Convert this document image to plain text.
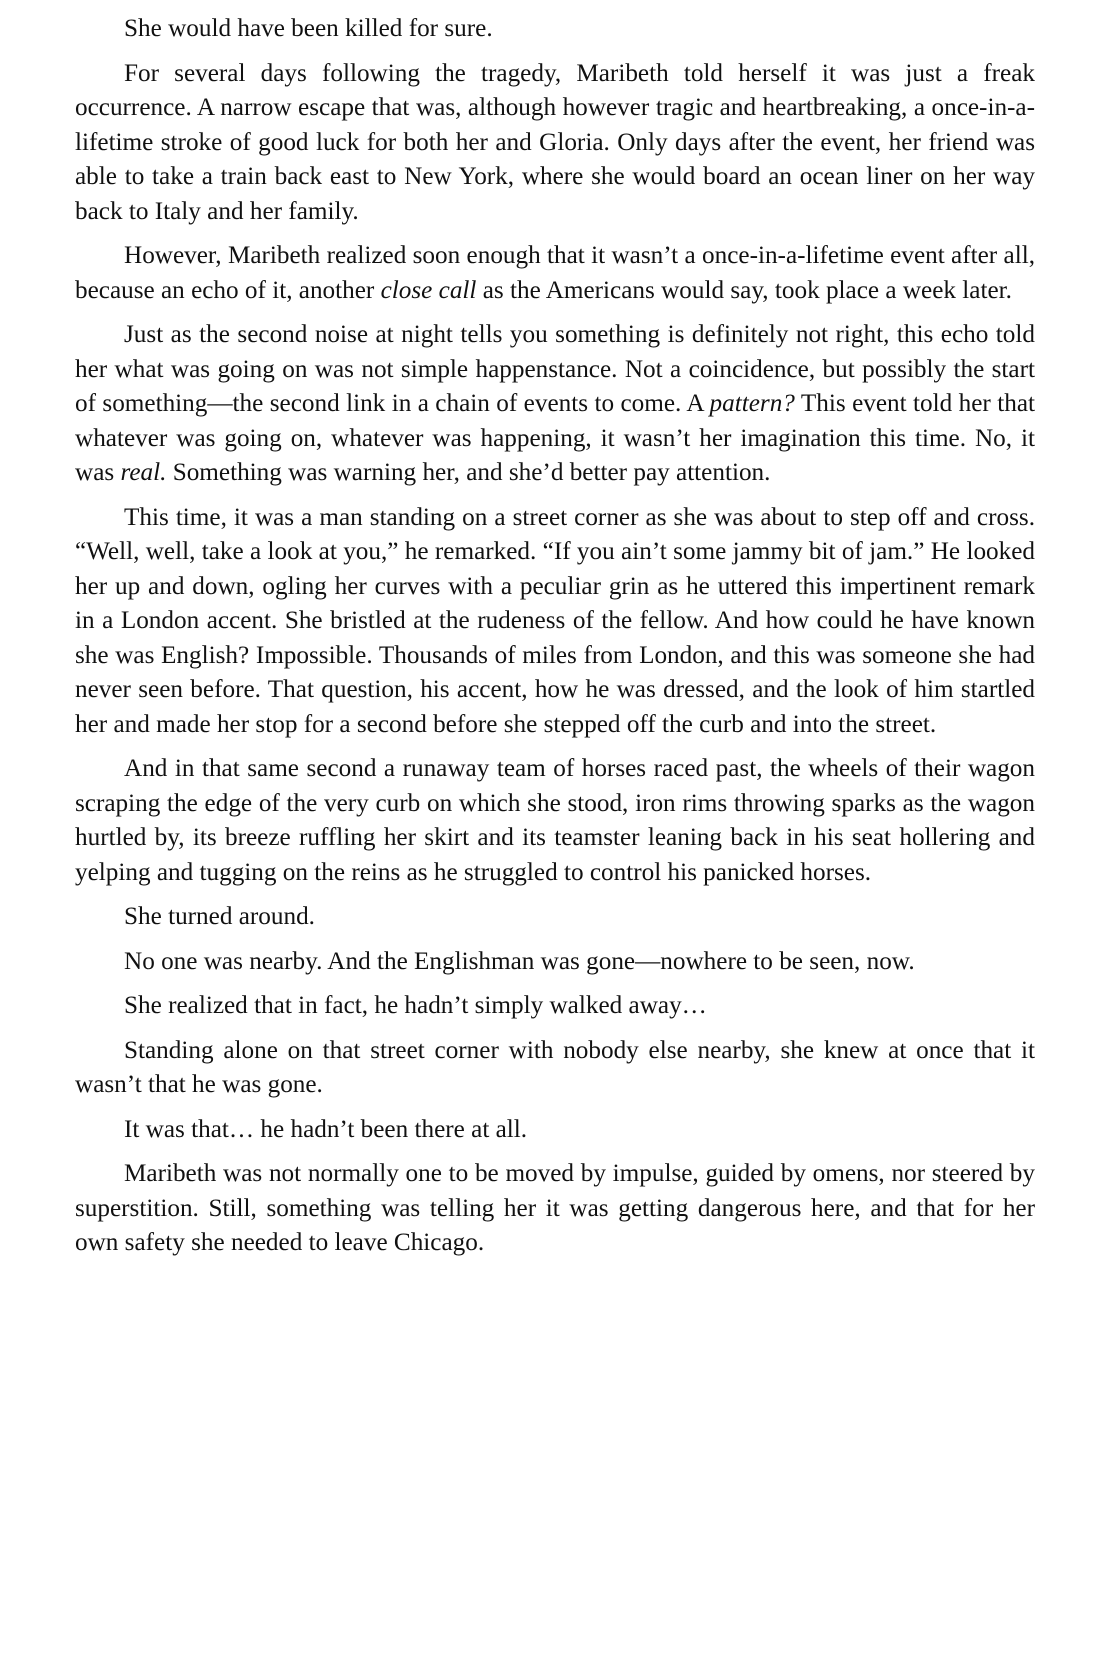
She would have been killed for sure.

For several days following the tragedy, Maribeth told herself it was just a freak occurrence. A narrow escape that was, although however tragic and heartbreaking, a once-in-a-lifetime stroke of good luck for both her and Gloria. Only days after the event, her friend was able to take a train back east to New York, where she would board an ocean liner on her way back to Italy and her family.

However, Maribeth realized soon enough that it wasn’t a once-in-a-lifetime event after all, because an echo of it, another close call as the Americans would say, took place a week later.

Just as the second noise at night tells you something is definitely not right, this echo told her what was going on was not simple happenstance. Not a coincidence, but possibly the start of something—the second link in a chain of events to come. A pattern? This event told her that whatever was going on, whatever was happening, it wasn’t her imagination this time. No, it was real. Something was warning her, and she’d better pay attention.

This time, it was a man standing on a street corner as she was about to step off and cross. “Well, well, take a look at you,” he remarked. “If you ain’t some jammy bit of jam.” He looked her up and down, ogling her curves with a peculiar grin as he uttered this impertinent remark in a London accent. She bristled at the rudeness of the fellow. And how could he have known she was English? Impossible. Thousands of miles from London, and this was someone she had never seen before. That question, his accent, how he was dressed, and the look of him startled her and made her stop for a second before she stepped off the curb and into the street.

And in that same second a runaway team of horses raced past, the wheels of their wagon scraping the edge of the very curb on which she stood, iron rims throwing sparks as the wagon hurtled by, its breeze ruffling her skirt and its teamster leaning back in his seat hollering and yelping and tugging on the reins as he struggled to control his panicked horses.

She turned around.

No one was nearby. And the Englishman was gone—nowhere to be seen, now.

She realized that in fact, he hadn’t simply walked away…

Standing alone on that street corner with nobody else nearby, she knew at once that it wasn’t that he was gone.

It was that… he hadn’t been there at all.

Maribeth was not normally one to be moved by impulse, guided by omens, nor steered by superstition. Still, something was telling her it was getting dangerous here, and that for her own safety she needed to leave Chicago.
